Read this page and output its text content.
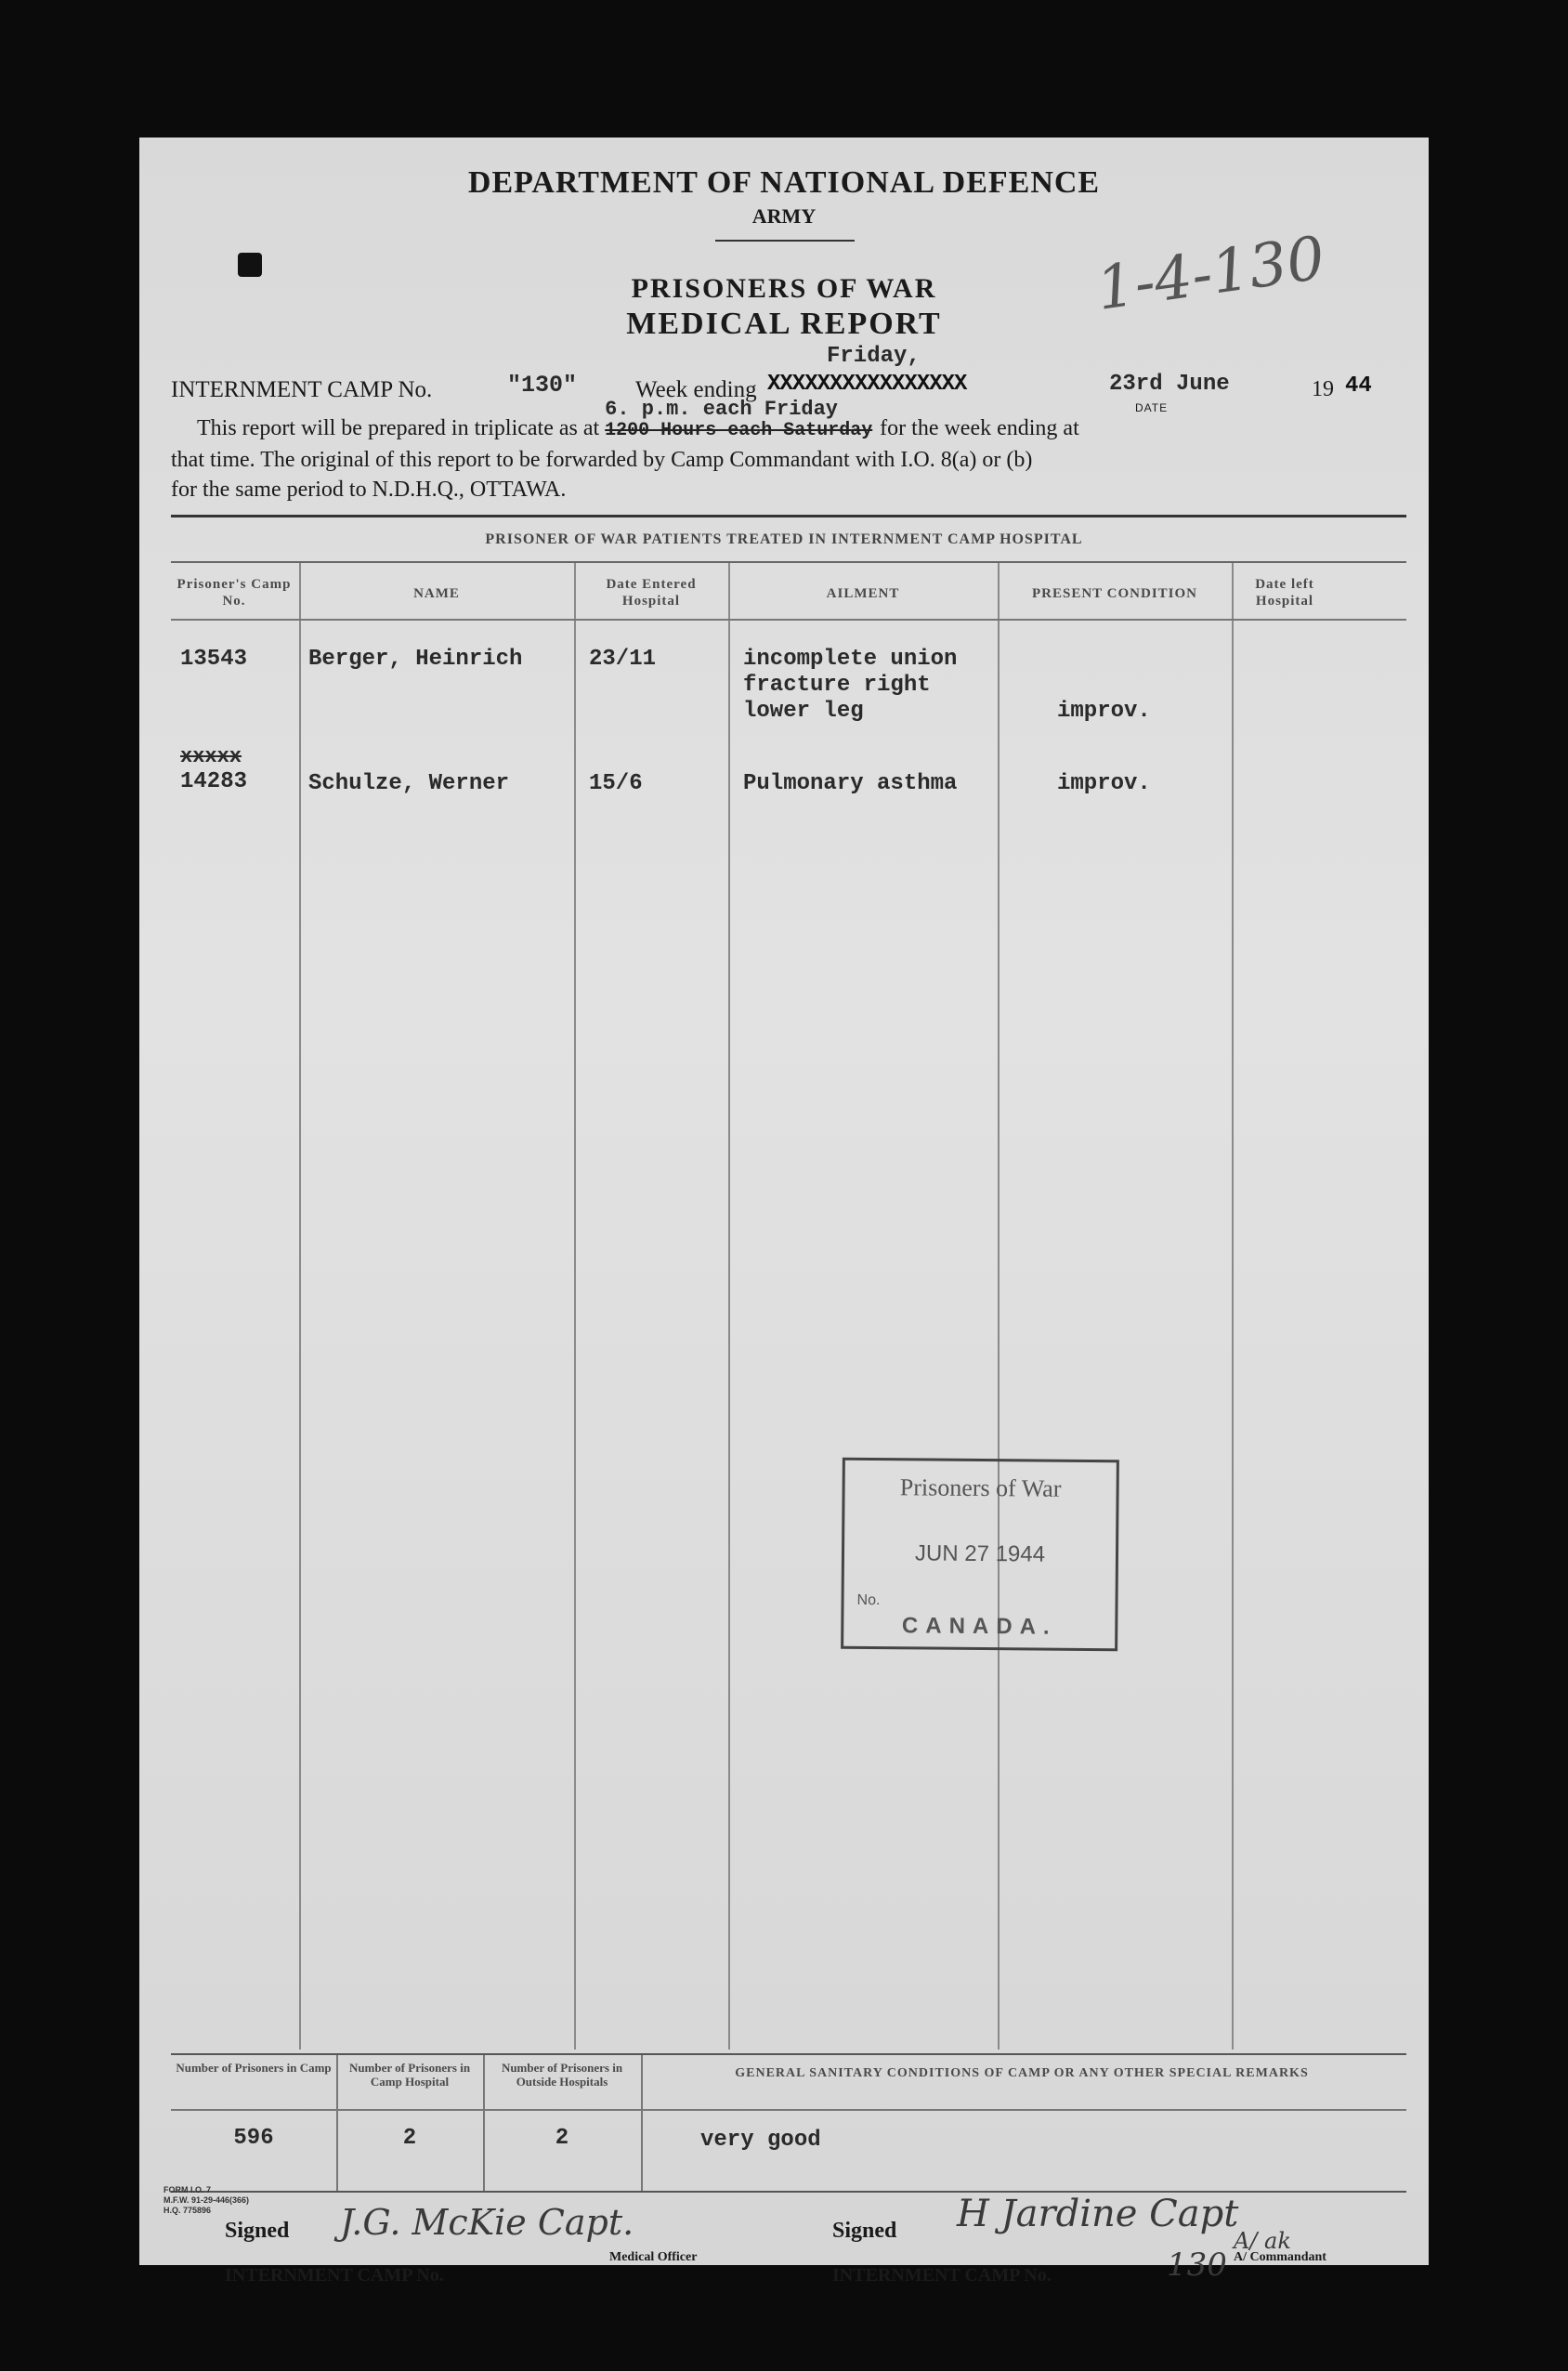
DEPARTMENT OF NATIONAL DEFENCE
ARMY
PRISONERS OF WAR
MEDICAL REPORT	1-4-130
INTERNMENT CAMP No.	"130"	Week ending
Friday,
XXXXXXXXXXXXXXXX	23rd June
DATE
19 44
This report will be prepared in triplicate as at
6. p.m. each Friday
1200 Hours each Saturday for the week ending at
that time. The original of this report to be forwarded by Camp Commandant with I.O. 8(a) or (b)
for the same period to N.D.H.Q., OTTAWA.
PRISONER OF WAR PATIENTS TREATED IN INTERNMENT CAMP HOSPITAL
Prisoner's Camp No.	NAME
Date Entered Hospital	AILMENT	PRESENT CONDITION
Date left Hospital
13543	Berger, Heinrich	23/11	incomplete union
fracture right
lower leg	improv.
xxxxx
14283	Schulze, Werner	15/6	Pulmonary asthma	improv.
Prisoners of War
JUN 27 1944
No.
CANADA.
Number of Prisoners in Camp	Number of Prisoners in Camp Hospital
Number of Prisoners in Outside Hospitals
GENERAL SANITARY CONDITIONS OF CAMP OR ANY OTHER SPECIAL REMARKS
596	2	2	very good
Signed J.G. McKie Capt.
Medical Officer
Signed H Jardine Capt
A/ ak
A/ Commandant
INTERNMENT CAMP No.	INTERNMENT CAMP No.	130
FORM I.O. 7
M.F.W. 91-29-446(366)
H.Q. 775896
